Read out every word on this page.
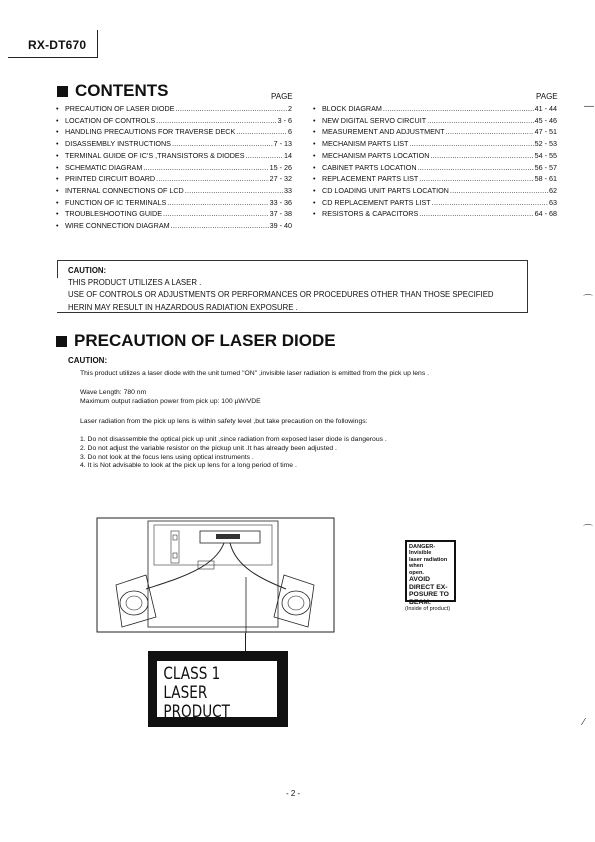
RX-DT670
CONTENTS	PAGE	PAGE
• PRECAUTION OF LASER DIODE .....	2
• LOCATION OF CONTROLS .....	3 - 6
• HANDLING PRECAUTIONS FOR TRAVERSE DECK .....	6
• DISASSEMBLY INSTRUCTIONS .....	7 - 13
• TERMINAL GUIDE OF IC'S ,TRANSISTORS & DIODES .....	14
• SCHEMATIC DIAGRAM .....	15 - 26
• PRINTED CIRCUIT BOARD .....	27 - 32
• INTERNAL CONNECTIONS OF LCD .....	33
• FUNCTION OF IC TERMINALS .....	33 - 36
• TROUBLESHOOTING GUIDE .....	37 - 38
• WIRE CONNECTION DIAGRAM .....	39 - 40
• BLOCK DIAGRAM .....	41 - 44
• NEW DIGITAL SERVO CIRCUIT .....	45 - 46
• MEASUREMENT AND ADJUSTMENT .....	47 - 51
• MECHANISM PARTS LIST .....	52 - 53
• MECHANISM PARTS LOCATION .....	54 - 55
• CABINET PARTS LOCATION .....	56 - 57
• REPLACEMENT PARTS LIST .....	58 - 61
• CD LOADING UNIT PARTS LOCATION .....	62
• CD REPLACEMENT PARTS LIST .....	63
• RESISTORS & CAPACITORS .....	64 - 68
CAUTION:
THIS PRODUCT UTILIZES A LASER .
USE OF CONTROLS OR ADJUSTMENTS OR PERFORMANCES OR PROCEDURES OTHER THAN THOSE SPECIFIED
HERIN MAY RESULT IN HAZARDOUS RADIATION EXPOSURE .
PRECAUTION OF LASER DIODE
CAUTION:
This product utilizes a laser diode with the unit turned "ON" ,invisible laser radiation is emitted from the pick up lens .
Wave Length: 780 nm
Maximum output radiation power from pick up: 100 µW/VDE
Laser radiation from the pick up lens is within safety level ,but take precaution on the followings:
1. Do not disassemble the optical pick up unit ,since radiation from exposed laser diode is dangerous .
2. Do not adjust the variable resistor on the pickup unit .It has already been adjusted .
3. Do not look at the focus lens using optical instruments .
4. It is Not advisable to look at the pick up lens for a long period of time .
CLASS 1
LASER PRODUCT
DANGER-Invisible
laser radiation when
open.
AVOID DIRECT EX-
POSURE TO BEAM.
(Inside of product)
- 2 -
—
⌒
⌒
⁄
